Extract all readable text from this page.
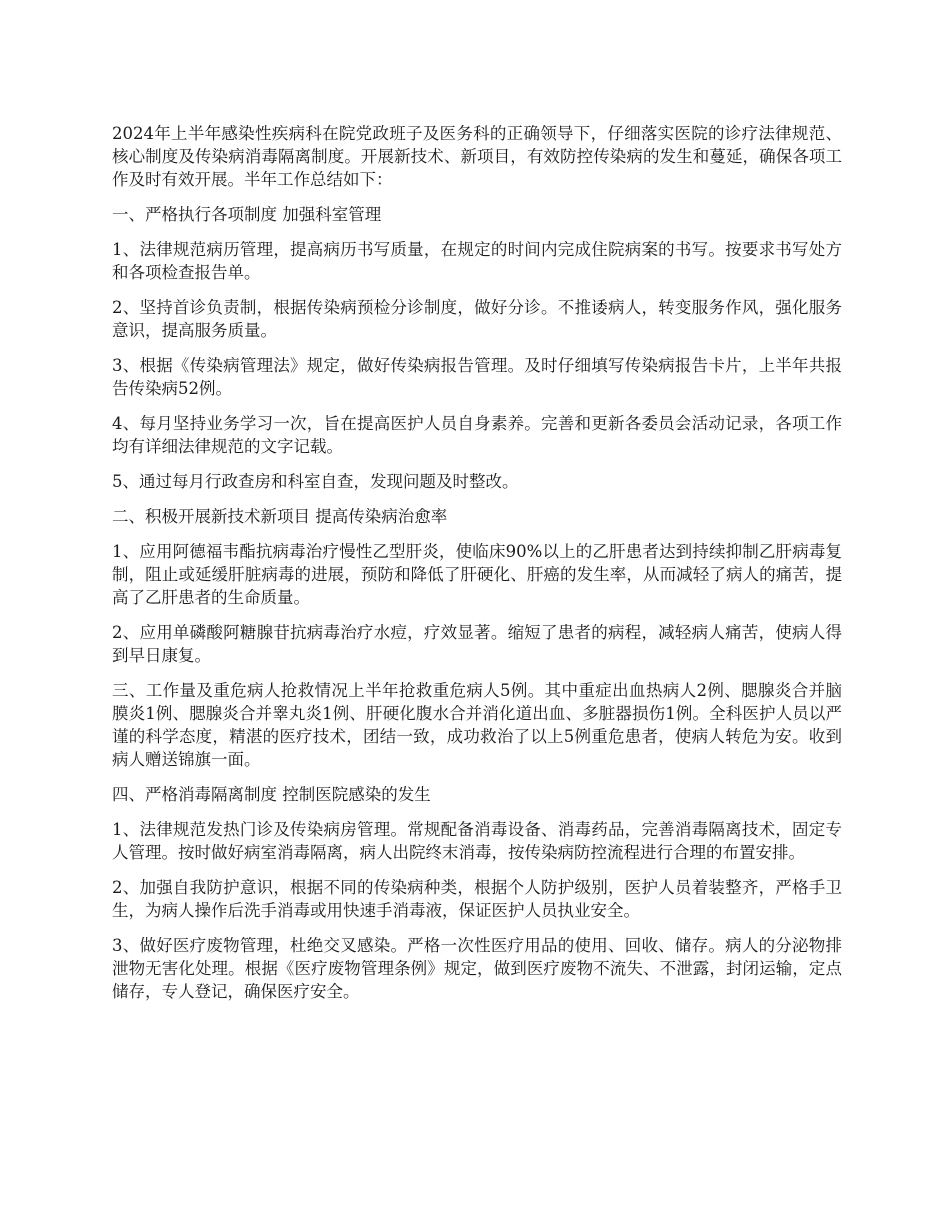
2024年上半年感染性疾病科在院党政班子及医务科的正确领导下，仔细落实医院的诊疗法律规范、核心制度及传染病消毒隔离制度。开展新技术、新项目，有效防控传染病的发生和蔓延，确保各项工作及时有效开展。半年工作总结如下：

一、严格执行各项制度 加强科室管理

1、法律规范病历管理，提高病历书写质量，在规定的时间内完成住院病案的书写。按要求书写处方和各项检查报告单。

2、坚持首诊负责制，根据传染病预检分诊制度，做好分诊。不推诿病人，转变服务作风，强化服务意识，提高服务质量。

3、根据《传染病管理法》规定，做好传染病报告管理。及时仔细填写传染病报告卡片，上半年共报告传染病52例。

4、每月坚持业务学习一次，旨在提高医护人员自身素养。完善和更新各委员会活动记录，各项工作均有详细法律规范的文字记载。

5、通过每月行政查房和科室自查，发现问题及时整改。

二、积极开展新技术新项目 提高传染病治愈率

1、应用阿德福韦酯抗病毒治疗慢性乙型肝炎，使临床90%以上的乙肝患者达到持续抑制乙肝病毒复制，阻止或延缓肝脏病毒的进展，预防和降低了肝硬化、肝癌的发生率，从而减轻了病人的痛苦，提高了乙肝患者的生命质量。

2、应用单磷酸阿糖腺苷抗病毒治疗水痘，疗效显著。缩短了患者的病程，减轻病人痛苦，使病人得到早日康复。

三、工作量及重危病人抢救情况上半年抢救重危病人5例。其中重症出血热病人2例、腮腺炎合并脑膜炎1例、腮腺炎合并睾丸炎1例、肝硬化腹水合并消化道出血、多脏器损伤1例。全科医护人员以严谨的科学态度，精湛的医疗技术，团结一致，成功救治了以上5例重危患者，使病人转危为安。收到病人赠送锦旗一面。

四、严格消毒隔离制度 控制医院感染的发生

1、法律规范发热门诊及传染病房管理。常规配备消毒设备、消毒药品，完善消毒隔离技术，固定专人管理。按时做好病室消毒隔离，病人出院终末消毒，按传染病防控流程进行合理的布置安排。

2、加强自我防护意识，根据不同的传染病种类，根据个人防护级别，医护人员着装整齐，严格手卫生，为病人操作后洗手消毒或用快速手消毒液，保证医护人员执业安全。

3、做好医疗废物管理，杜绝交叉感染。严格一次性医疗用品的使用、回收、储存。病人的分泌物排泄物无害化处理。根据《医疗废物管理条例》规定，做到医疗废物不流失、不泄露，封闭运输，定点储存，专人登记，确保医疗安全。
